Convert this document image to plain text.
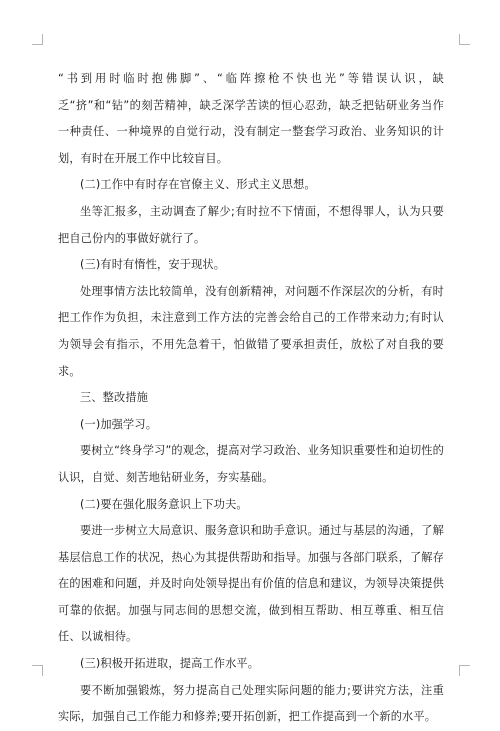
“书到用时临时抱佛脚”、“临阵擦枪不快也光”等错误认识，缺乏“挤”和“钻”的刻苦精神，缺乏深学苦读的恒心忍劲，缺乏把钻研业务当作一种责任、一种境界的自觉行动，没有制定一整套学习政治、业务知识的计划，有时在开展工作中比较盲目。

(二)工作中有时存在官僚主义、形式主义思想。

坐等汇报多，主动调查了解少;有时拉不下情面，不想得罪人，认为只要把自己份内的事做好就行了。

(三)有时有惰性，安于现状。

处理事情方法比较简单，没有创新精神，对问题不作深层次的分析，有时把工作作为负担，未注意到工作方法的完善会给自己的工作带来动力;有时认为领导会有指示，不用先急着干，怕做错了要承担责任，放松了对自我的要求。

三、整改措施

(一)加强学习。

要树立“终身学习”的观念，提高对学习政治、业务知识重要性和迫切性的认识，自觉、刻苦地钻研业务，夯实基础。

(二)要在强化服务意识上下功夫。

要进一步树立大局意识、服务意识和助手意识。通过与基层的沟通，了解基层信息工作的状况，热心为其提供帮助和指导。加强与各部门联系，了解存在的困难和问题，并及时向处领导提出有价值的信息和建议，为领导决策提供可靠的依据。加强与同志间的思想交流，做到相互帮助、相互尊重、相互信任、以诚相待。

(三)积极开拓进取，提高工作水平。

要不断加强锻炼，努力提高自己处理实际问题的能力;要讲究方法，注重实际，加强自己工作能力和修养;要开拓创新，把工作提高到一个新的水平。
